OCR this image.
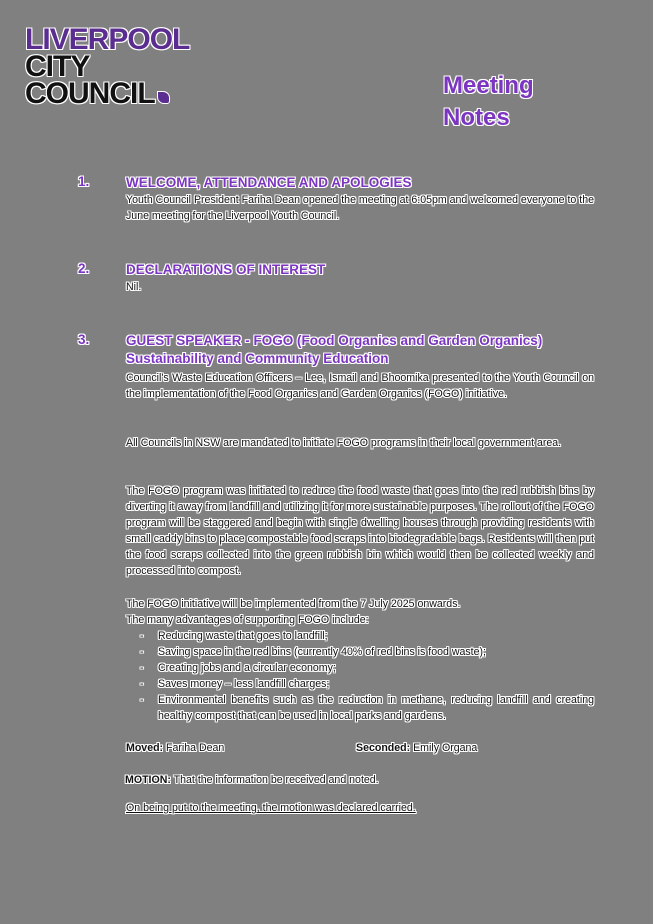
LIVERPOOL
CITY
COUNCIL	Meeting
Notes
1.	WELCOME, ATTENDANCE AND APOLOGIES
Youth Council President Fariha Dean opened the meeting at 6:05pm and welcomed everyone to the June meeting for the Liverpool Youth Council.
2.	DECLARATIONS OF INTEREST
Nil.
3.	GUEST SPEAKER - FOGO (Food Organics and Garden Organics) Sustainability and Community Education
Council's Waste Education Officers – Lee, Ismail and Bhoomika presented to the Youth Council on the implementation of the Food Organics and Garden Organics (FOGO) initiative.
All Councils in NSW are mandated to initiate FOGO programs in their local government area.
The FOGO program was initiated to reduce the food waste that goes into the red rubbish bins by diverting it away from landfill and utilizing it for more sustainable purposes. The rollout of the FOGO program will be staggered and begin with single dwelling houses through providing residents with small caddy bins to place compostable food scraps into biodegradable bags. Residents will then put the food scraps collected into the green rubbish bin which would then be collected weekly and processed into compost.
The FOGO initiative will be implemented from the 7 July 2025 onwards.
The many advantages of supporting FOGO include:
- Reducing waste that goes to landfill;
- Saving space in the red bins (currently 40% of red bins is food waste);
- Creating jobs and a circular economy;
- Saves money – less landfill charges;
- Environmental benefits such as the reduction in methane, reducing landfill and creating healthy compost that can be used in local parks and gardens.
Moved: Fariha Dean	Seconded: Emily Organa
MOTION: That the information be received and noted.
On being put to the meeting, the motion was declared carried.
